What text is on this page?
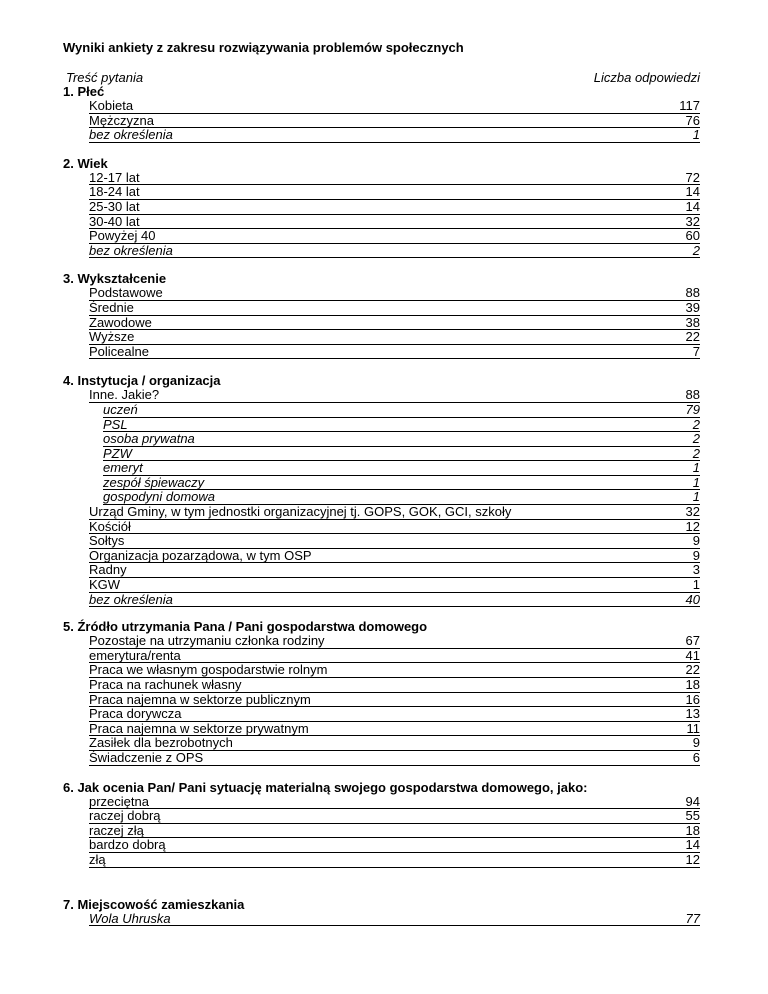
Wyniki ankiety z zakresu rozwiązywania problemów społecznych
Treść pytania	Liczba odpowiedzi
1. Płeć
Kobieta	117
Mężczyzna	76
bez określenia	1
2. Wiek
12-17 lat	72
18-24 lat	14
25-30 lat	14
30-40 lat	32
Powyżej 40	60
bez określenia	2
3. Wykształcenie
Podstawowe	88
Średnie	39
Zawodowe	38
Wyższe	22
Policealne	7
4. Instytucja / organizacja
Inne. Jakie?	88
uczeń	79
PSL	2
osoba prywatna	2
PZW	2
emeryt	1
zespół śpiewaczy	1
gospodyni domowa	1
Urząd Gminy, w tym jednostki organizacyjnej tj. GOPS, GOK, GCI, szkoły	32
Kościół	12
Sołtys	9
Organizacja pozarządowa, w tym OSP	9
Radny	3
KGW	1
bez określenia	40
5. Źródło utrzymania Pana / Pani gospodarstwa domowego
Pozostaje na utrzymaniu członka rodziny	67
emerytura/renta	41
Praca we własnym gospodarstwie rolnym	22
Praca na rachunek własny	18
Praca najemna w sektorze publicznym	16
Praca dorywcza	13
Praca najemna w sektorze prywatnym	11
Zasiłek dla bezrobotnych	9
Świadczenie z OPS	6
6. Jak ocenia Pan/ Pani sytuację materialną swojego gospodarstwa domowego, jako:
przeciętna	94
raczej dobrą	55
raczej złą	18
bardzo dobrą	14
złą	12
7. Miejscowość zamieszkania
Wola Uhruska	77
